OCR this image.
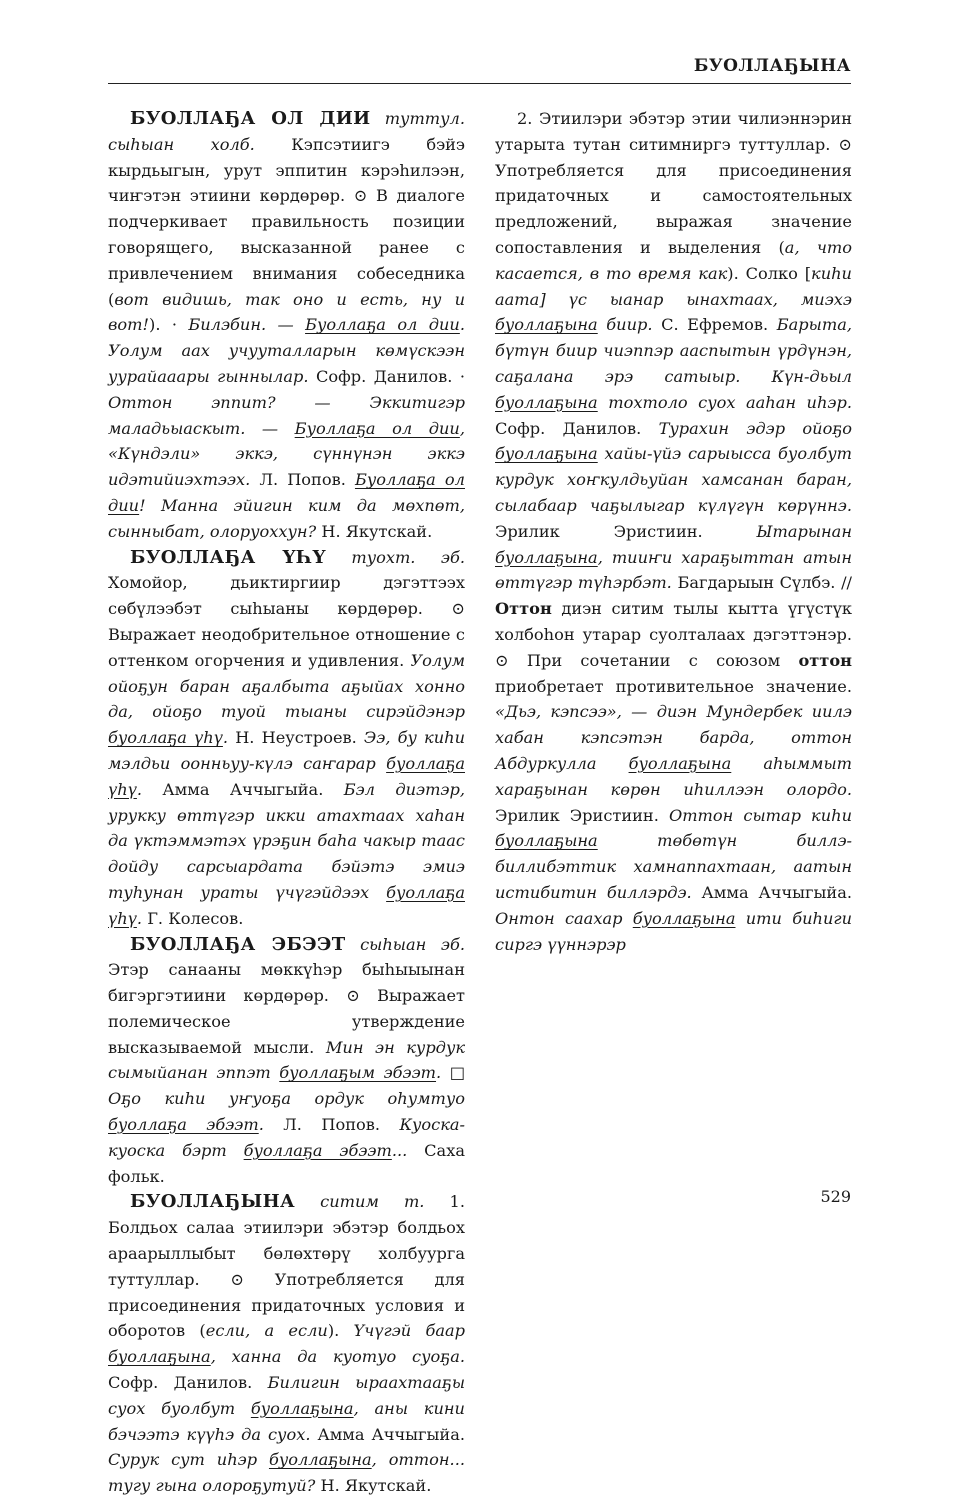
БУОЛЛАҔЫНА

БУОЛЛАҔА ОЛ ДИИ туттул. сыһыан холб. Кэпсэтиигэ бэйэ кырдьыгын, урут эппитин кэрэһилээн, чиҥэтэн этиини көрдөрөр. ⊙ В диалоге подчеркивает правильность позиции говорящего, высказанной ранее с привлечением внимания собеседника (вот видишь, так оно и есть, ну и вот!). · Билэбин. — Буоллаҕа ол дии. Уолум аах учууталларын көмүскээн уурайааары гыннылар. Софр. Данилов. · Оттон эппит? — Эккитигэр маладьыаскыт. — Буоллаҕа ол дии, «Күндэли» эккэ, сүннүнэн эккэ идэтийиэхтээх. Л. Попов. Буоллаҕа ол дии! Манна эйигин ким да мөхпөт, сынныбат, олоруоххун? Н. Якутскай.

БУОЛЛАҔА ҮҺҮ туохт. эб. Хомойор, дьиктиргиир дэгэттээх сөбүлээбэт сыһыаны көрдөрөр. ⊙ Выражает неодобрительное отношение с оттенком огорчения и удивления. Уолум ойоҕун баран аҕалбыта аҕыйах хонно да, ойоҕо туой тыаны сирэйдэнэр буоллаҕа үһү. Н. Неустроев. Ээ, бу киһи мэлдьи оонньуу-күлэ саҥарар буоллаҕа үһү. Амма Аччыгыйа. Бэл диэтэр, урукку өттүгэр икки атахтаах хаһан да үктэммэтэх үрэҕин баһа чакыр таас дойду сарсыардата бэйэтэ эмиэ туһунан ураты үчүгэйдээх буоллаҕа үһү. Г. Колесов.

БУОЛЛАҔА ЭБЭЭТ сыһыан эб. Этэр санааны мөккүһэр быһыыынан бигэргэтиини көрдөрөр. ⊙ Выражает полемическое утверждение высказываемой мысли. Мин эн курдук сымыйанан эппэт буоллаҕым эбээт. □ Оҕо киһи уҥуоҕа ордук оһумтуо буоллаҕа эбээт. Л. Попов. Куоска-куоска бэрт буоллаҕа эбээт... Саха фольк.

БУОЛЛАҔЫНА ситим т. 1. Болдьох салаа этиилэри эбэтэр болдьох араарыллыбыт бөлөхтөрү холбуурга туттуллар. ⊙ Употребляется для присоединения придаточных условия и оборотов (если, а если). Үчүгэй баар буоллаҕына, ханна да куотуо суоҕа. Софр. Данилов. Билигин ыраахтааҕы суох буолбут буоллаҕына, аны кини бэчээтэ күүһэ да суох. Амма Аччыгыйа. Сурук сут иһэр буоллаҕына, оттон... тугу гына олороҕутуй? Н. Якутскай.

2. Этиилэри эбэтэр этии чилиэннэрин утарыта тутан ситимниргэ туттуллар. ⊙ Употребляется для присоединения придаточных и самостоятельных предложений, выражая значение сопоставления и выделения (а, что касается, в то время как). Солко [киһи аата] үс ыанар ынахтаах, миэхэ буоллаҕына биир. С. Ефремов. Барыта, бүтүн биир чиэппэр аaспытын үрдүнэн, саҕалана эрэ сатыыр. Күн-дьыл буоллаҕына тохтоло суох ааһан иһэр. Софр. Данилов. Турахин эдэр ойоҕо буоллаҕына хайы-үйэ сарыысса буолбут курдук хоҥкулдьуйан хамсанан баран, сылабаар чаҕылыгар күлүгүн көрүннэ. Эрилик Эристиин. Ытарынан буоллаҕына, тииҥи хараҕыттан атын өттүгэр түһэрбэт. Багдарыын Сүлбэ. // Оттон диэн ситим тылы кытта үгүстүк холбоһон утарар суолталаах дэгэттэнэр. ⊙ При сочетании с союзом оттон приобретает противительное значение. «Дьэ, кэпсээ», — диэн Мундербек иилэ хабан кэпсэтэн барда, оттон Абдуркулла буоллаҕына аһыммыт хараҕынан көрөн иһиллээн олордо. Эрилик Эристиин. Оттон сытар киһи буоллаҕына төбөтүн биллэ-биллибэттик хамнаппахтаан, аатын истибитин биллэрдэ. Амма Аччыгыйа. Онтон саахар буоллаҕына ити биһиги сиргэ үүннэрэр

529
